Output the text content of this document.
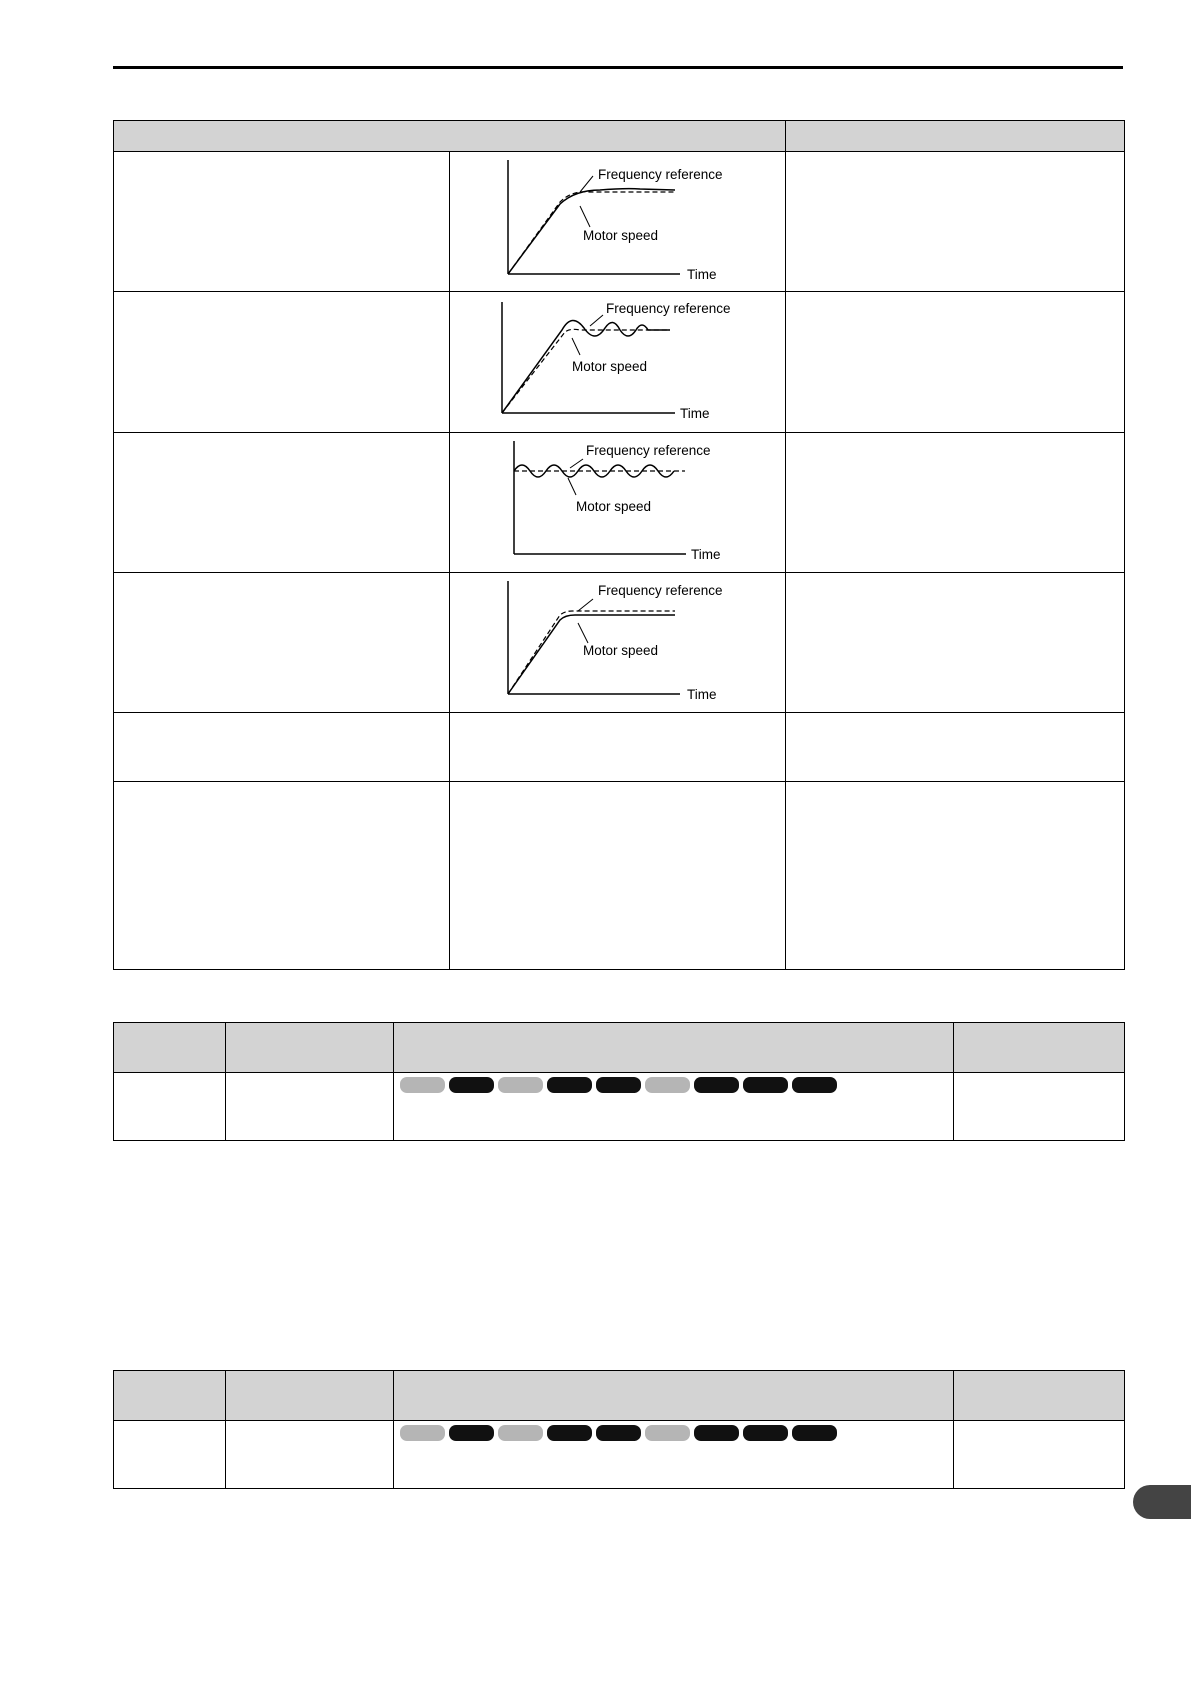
Frequency reference
Motor speed
Time	

Frequency reference
Motor speed
Time	

Frequency reference
Motor speed
Time	

Frequency reference
Motor speed
Time	
